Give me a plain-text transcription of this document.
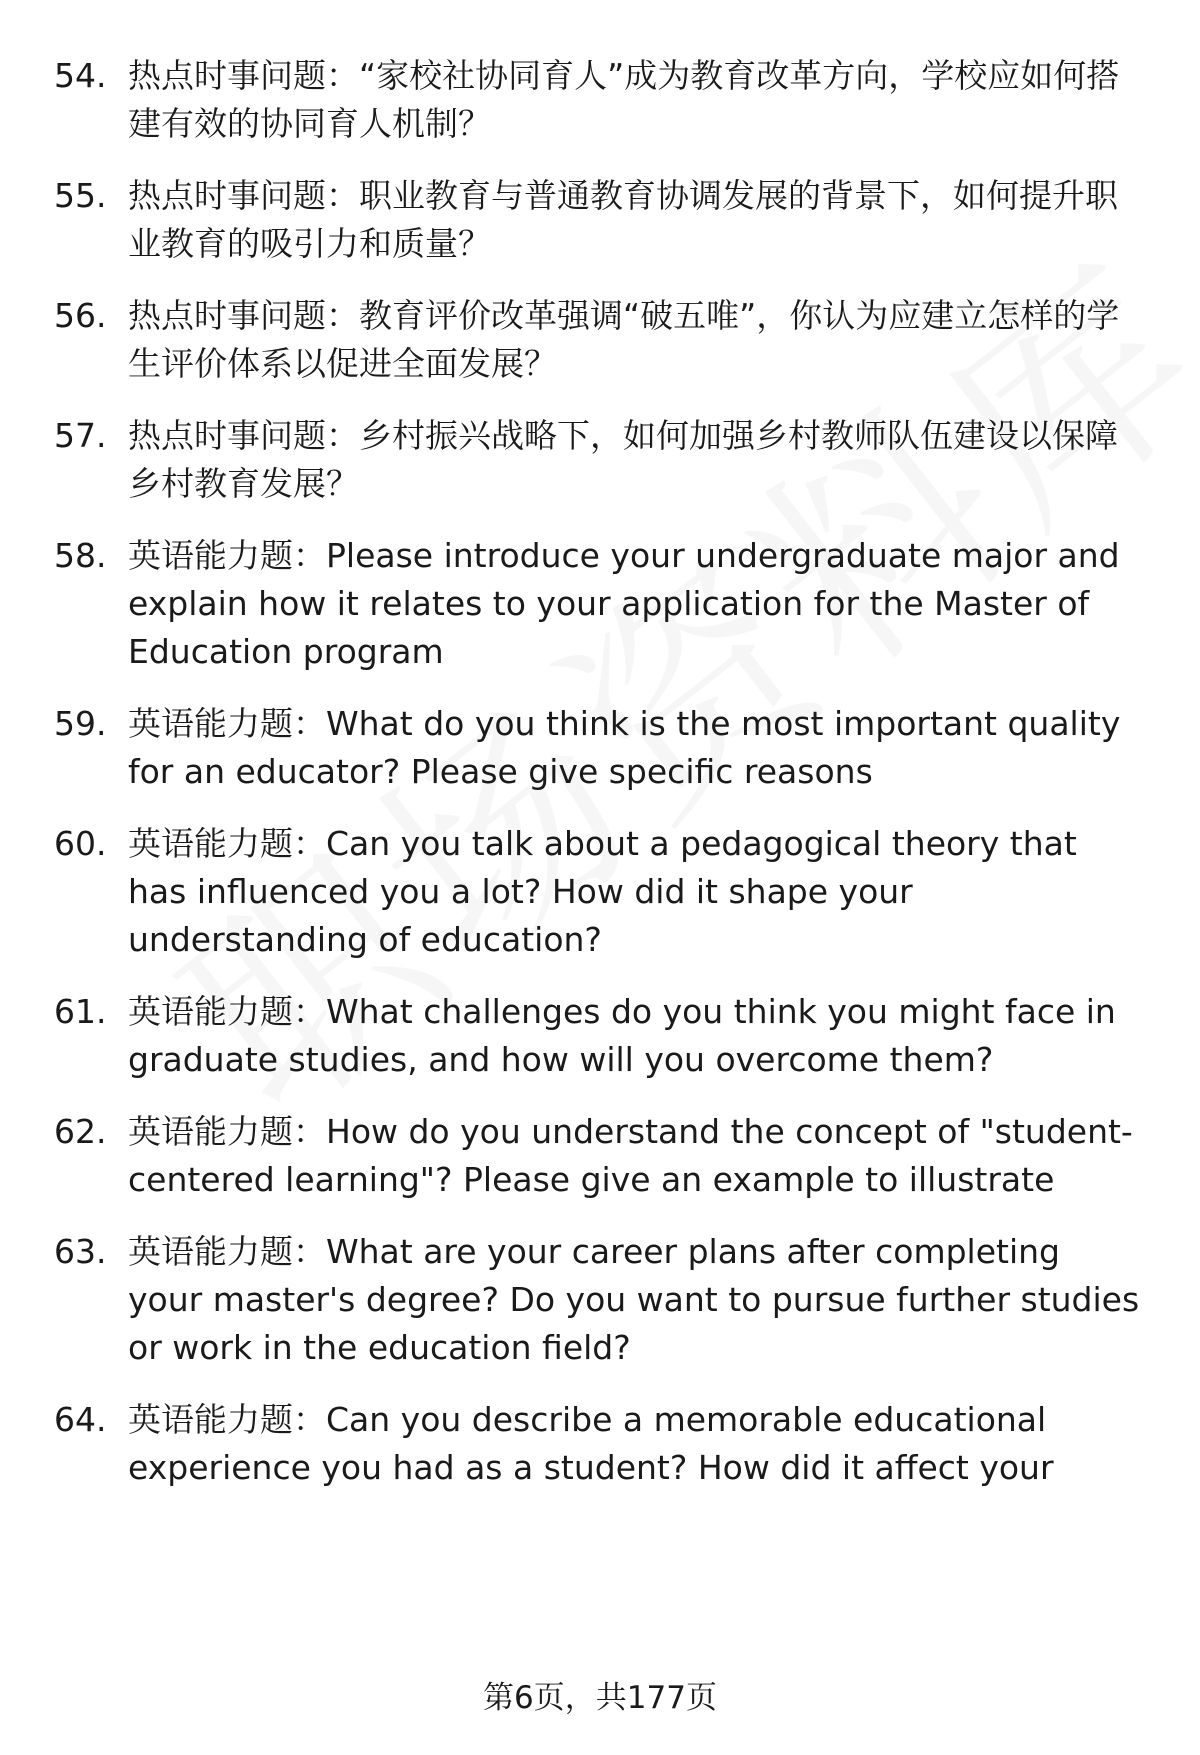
54. 热点时事问题：“家校社协同育人”成为教育改革方向，学校应如何搭建有效的协同育人机制？
55. 热点时事问题：职业教育与普通教育协调发展的背景下，如何提升职业教育的吸引力和质量？
56. 热点时事问题：教育评价改革强调“破五唯”，你认为应建立怎样的学生评价体系以促进全面发展？
57. 热点时事问题：乡村振兴战略下，如何加强乡村教师队伍建设以保障乡村教育发展？
58. 英语能力题：Please introduce your undergraduate major and explain how it relates to your application for the Master of Education program
59. 英语能力题：What do you think is the most important quality for an educator? Please give specific reasons
60. 英语能力题：Can you talk about a pedagogical theory that has influenced you a lot? How did it shape your understanding of education?
61. 英语能力题：What challenges do you think you might face in graduate studies, and how will you overcome them?
62. 英语能力题：How do you understand the concept of "student-centered learning"? Please give an example to illustrate
63. 英语能力题：What are your career plans after completing your master's degree? Do you want to pursue further studies or work in the education field?
64. 英语能力题：Can you describe a memorable educational experience you had as a student? How did it affect your
第6页，共177页
